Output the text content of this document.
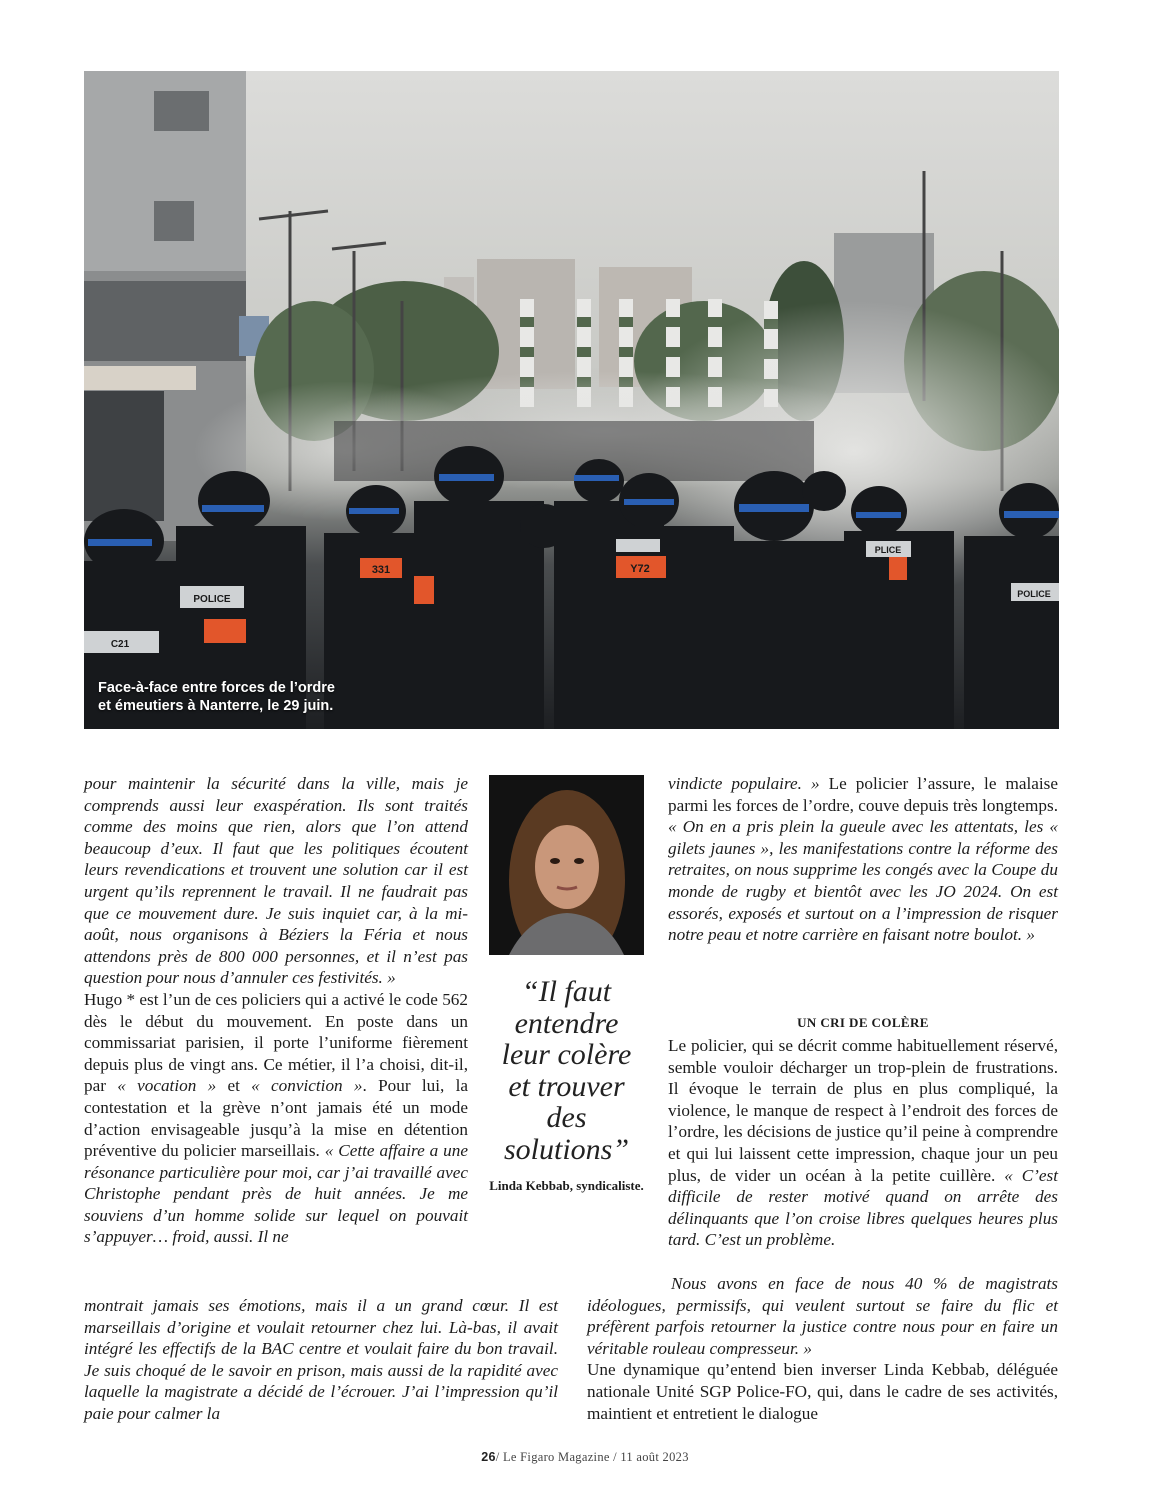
POLICE
C21
331
PLICE
POLICE
Y72
Face-à-face entre forces de l’ordre et émeutiers à Nanterre, le 29 juin.

pour maintenir la sécurité dans la ville, mais je comprends aussi leur exaspération. Ils sont traités comme des moins que rien, alors que l’on attend beaucoup d’eux. Il faut que les politiques écoutent leurs revendications et trouvent une solution car il est urgent qu’ils reprennent le travail. Il ne faudrait pas que ce mouvement dure. Je suis inquiet car, à la mi-août, nous organisons à Béziers la Féria et nous attendons près de 800 000 personnes, et il n’est pas question pour nous d’annuler ces festivités. »

Hugo * est l’un de ces policiers qui a activé le code 562 dès le début du mouvement. En poste dans un commissariat parisien, il porte l’uniforme fièrement depuis plus de vingt ans. Ce métier, il l’a choisi, dit-il, par « vocation » et « conviction ». Pour lui, la contestation et la grève n’ont jamais été un mode d’action envisageable jusqu’à la mise en détention préventive du policier marseillais. « Cette affaire a une résonance particulière pour moi, car j’ai travaillé avec Christophe pendant près de huit années. Je me souviens d’un homme solide sur lequel on pouvait s’appuyer… froid, aussi. Il ne

montrait jamais ses émotions, mais il a un grand cœur. Il est marseillais d’origine et voulait retourner chez lui. Là-bas, il avait intégré les effectifs de la BAC centre et voulait faire du bon travail. Je suis choqué de le savoir en prison, mais aussi de la rapidité avec laquelle la magistrate a décidé de l’écrouer. J’ai l’impression qu’il paie pour calmer la

“Il faut entendre leur colère et trouver des solutions”
Linda Kebbab, syndicaliste.

vindicte populaire. » Le policier l’assure, le malaise parmi les forces de l’ordre, couve depuis très longtemps. « On en a pris plein la gueule avec les attentats, les « gilets jaunes », les manifestations contre la réforme des retraites, on nous supprime les congés avec la Coupe du monde de rugby et bientôt avec les JO 2024. On est essorés, exposés et surtout on a l’impression de risquer notre peau et notre carrière en faisant notre boulot. »

UN CRI DE COLÈRE

Le policier, qui se décrit comme habituellement réservé, semble vouloir décharger un trop-plein de frustrations. Il évoque le terrain de plus en plus compliqué, la violence, le manque de respect à l’endroit des forces de l’ordre, les décisions de justice qu’il peine à comprendre et qui lui laissent cette impression, chaque jour un peu plus, de vider un océan à la petite cuillère. « C’est difficile de rester motivé quand on arrête des délinquants que l’on croise libres quelques heures plus tard. C’est un problème.

Nous avons en face de nous 40 % de magistrats idéologues, permissifs, qui veulent surtout se faire du flic et préfèrent parfois retourner la justice contre nous pour en faire un véritable rouleau compresseur. »

Une dynamique qu’entend bien inverser Linda Kebbab, déléguée nationale Unité SGP Police-FO, qui, dans le cadre de ses activités, maintient et entretient le dialogue

26/ Le Figaro Magazine / 11 août 2023
